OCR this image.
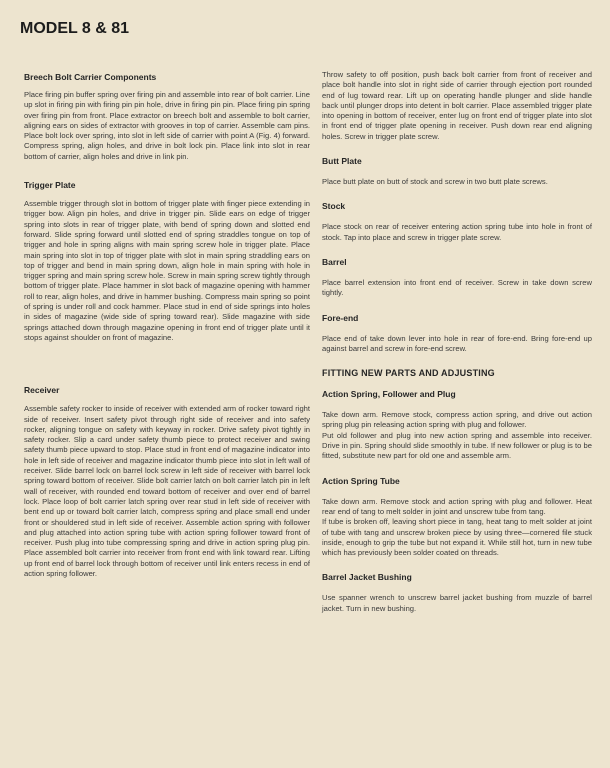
MODEL 8 & 81

Breech Bolt Carrier Components

Place firing pin buffer spring over firing pin and assemble into rear of bolt carrier. Line up slot in firing pin with firing pin pin hole, drive in firing pin pin. Place firing pin spring over firing pin from front. Place extractor on breech bolt and assemble to bolt carrier, aligning ears on sides of extractor with grooves in top of carrier. Assemble cam pins. Place bolt lock over spring, into slot in left side of carrier with point A (Fig. 4) forward. Compress spring, align holes, and drive in bolt lock pin. Place link into slot in rear bottom of carrier, align holes and drive in link pin.

Trigger Plate

Assemble trigger through slot in bottom of trigger plate with finger piece extending in trigger bow. Align pin holes, and drive in trigger pin. Slide ears on edge of trigger spring into slots in rear of trigger plate, with bend of spring down and slotted end forward. Slide spring forward until slotted end of spring straddles tongue on top of trigger and hole in spring aligns with main spring screw hole in trigger plate. Place main spring into slot in top of trigger plate with slot in main spring straddling ears on top of trigger and bend in main spring down, align hole in main spring with hole in trigger spring and main spring screw hole. Screw in main spring screw tightly through bottom of trigger plate. Place hammer in slot back of magazine opening with hammer roll to rear, align holes, and drive in hammer bushing. Compress main spring so point of spring is under roll and cock hammer. Place stud in end of side springs into holes in sides of magazine (wide side of spring toward rear). Slide magazine with side springs attached down through magazine opening in front end of trigger plate until it stops against shoulder on front of magazine.

Receiver

Assemble safety rocker to inside of receiver with extended arm of rocker toward right side of receiver. Insert safety pivot through right side of receiver and into safety rocker, aligning tongue on safety with keyway in rocker. Drive safety pivot tightly in safety rocker. Slip a card under safety thumb piece to protect receiver and swing safety thumb piece upward to stop. Place stud in front end of magazine indicator into hole in left side of receiver and magazine indicator thumb piece into slot in left wall of receiver. Slide barrel lock on barrel lock screw in left side of receiver with barrel lock spring toward bottom of receiver. Slide bolt carrier latch on bolt carrier latch pin in left wall of receiver, with rounded end toward bottom of receiver and over end of barrel lock. Place loop of bolt carrier latch spring over rear stud in left side of receiver with bent end up or toward bolt carrier latch, compress spring and place small end under front or shouldered stud in left side of receiver. Assemble action spring with follower and plug attached into action spring tube with action spring follower toward front of receiver. Push plug into tube compressing spring and drive in action spring plug pin. Place assembled bolt carrier into receiver from front end with link toward rear. Lifting up front end of barrel lock through bottom of receiver until link enters recess in end of action spring follower.

Throw safety to off position, push back bolt carrier from front of receiver and place bolt handle into slot in right side of carrier through ejection port rounded end of lug toward rear. Lift up on operating handle plunger and slide handle back until plunger drops into detent in bolt carrier. Place assembled trigger plate into opening in bottom of receiver, enter lug on front end of trigger plate into slot in front end of trigger plate opening in receiver. Push down rear end aligning holes. Screw in trigger plate screw.

Butt Plate

Place butt plate on butt of stock and screw in two butt plate screws.

Stock

Place stock on rear of receiver entering action spring tube into hole in front of stock. Tap into place and screw in trigger plate screw.

Barrel

Place barrel extension into front end of receiver. Screw in take down screw tightly.

Fore-end

Place end of take down lever into hole in rear of fore-end. Bring fore-end up against barrel and screw in fore-end screw.

FITTING NEW PARTS AND ADJUSTING

Action Spring, Follower and Plug

Take down arm. Remove stock, compress action spring, and drive out action spring plug pin releasing action spring with plug and follower.

Put old follower and plug into new action spring and assemble into receiver. Drive in pin. Spring should slide smoothly in tube. If new follower or plug is to be fitted, substitute new part for old one and assemble arm.

Action Spring Tube

Take down arm. Remove stock and action spring with plug and follower. Heat rear end of tang to melt solder in joint and unscrew tube from tang.

If tube is broken off, leaving short piece in tang, heat tang to melt solder at joint of tube with tang and unscrew broken piece by using three—cornered file stuck inside, enough to grip the tube but not expand it. While still hot, turn in new tube which has previously been solder coated on threads.

Barrel Jacket Bushing

Use spanner wrench to unscrew barrel jacket bushing from muzzle of barrel jacket. Turn in new bushing.
